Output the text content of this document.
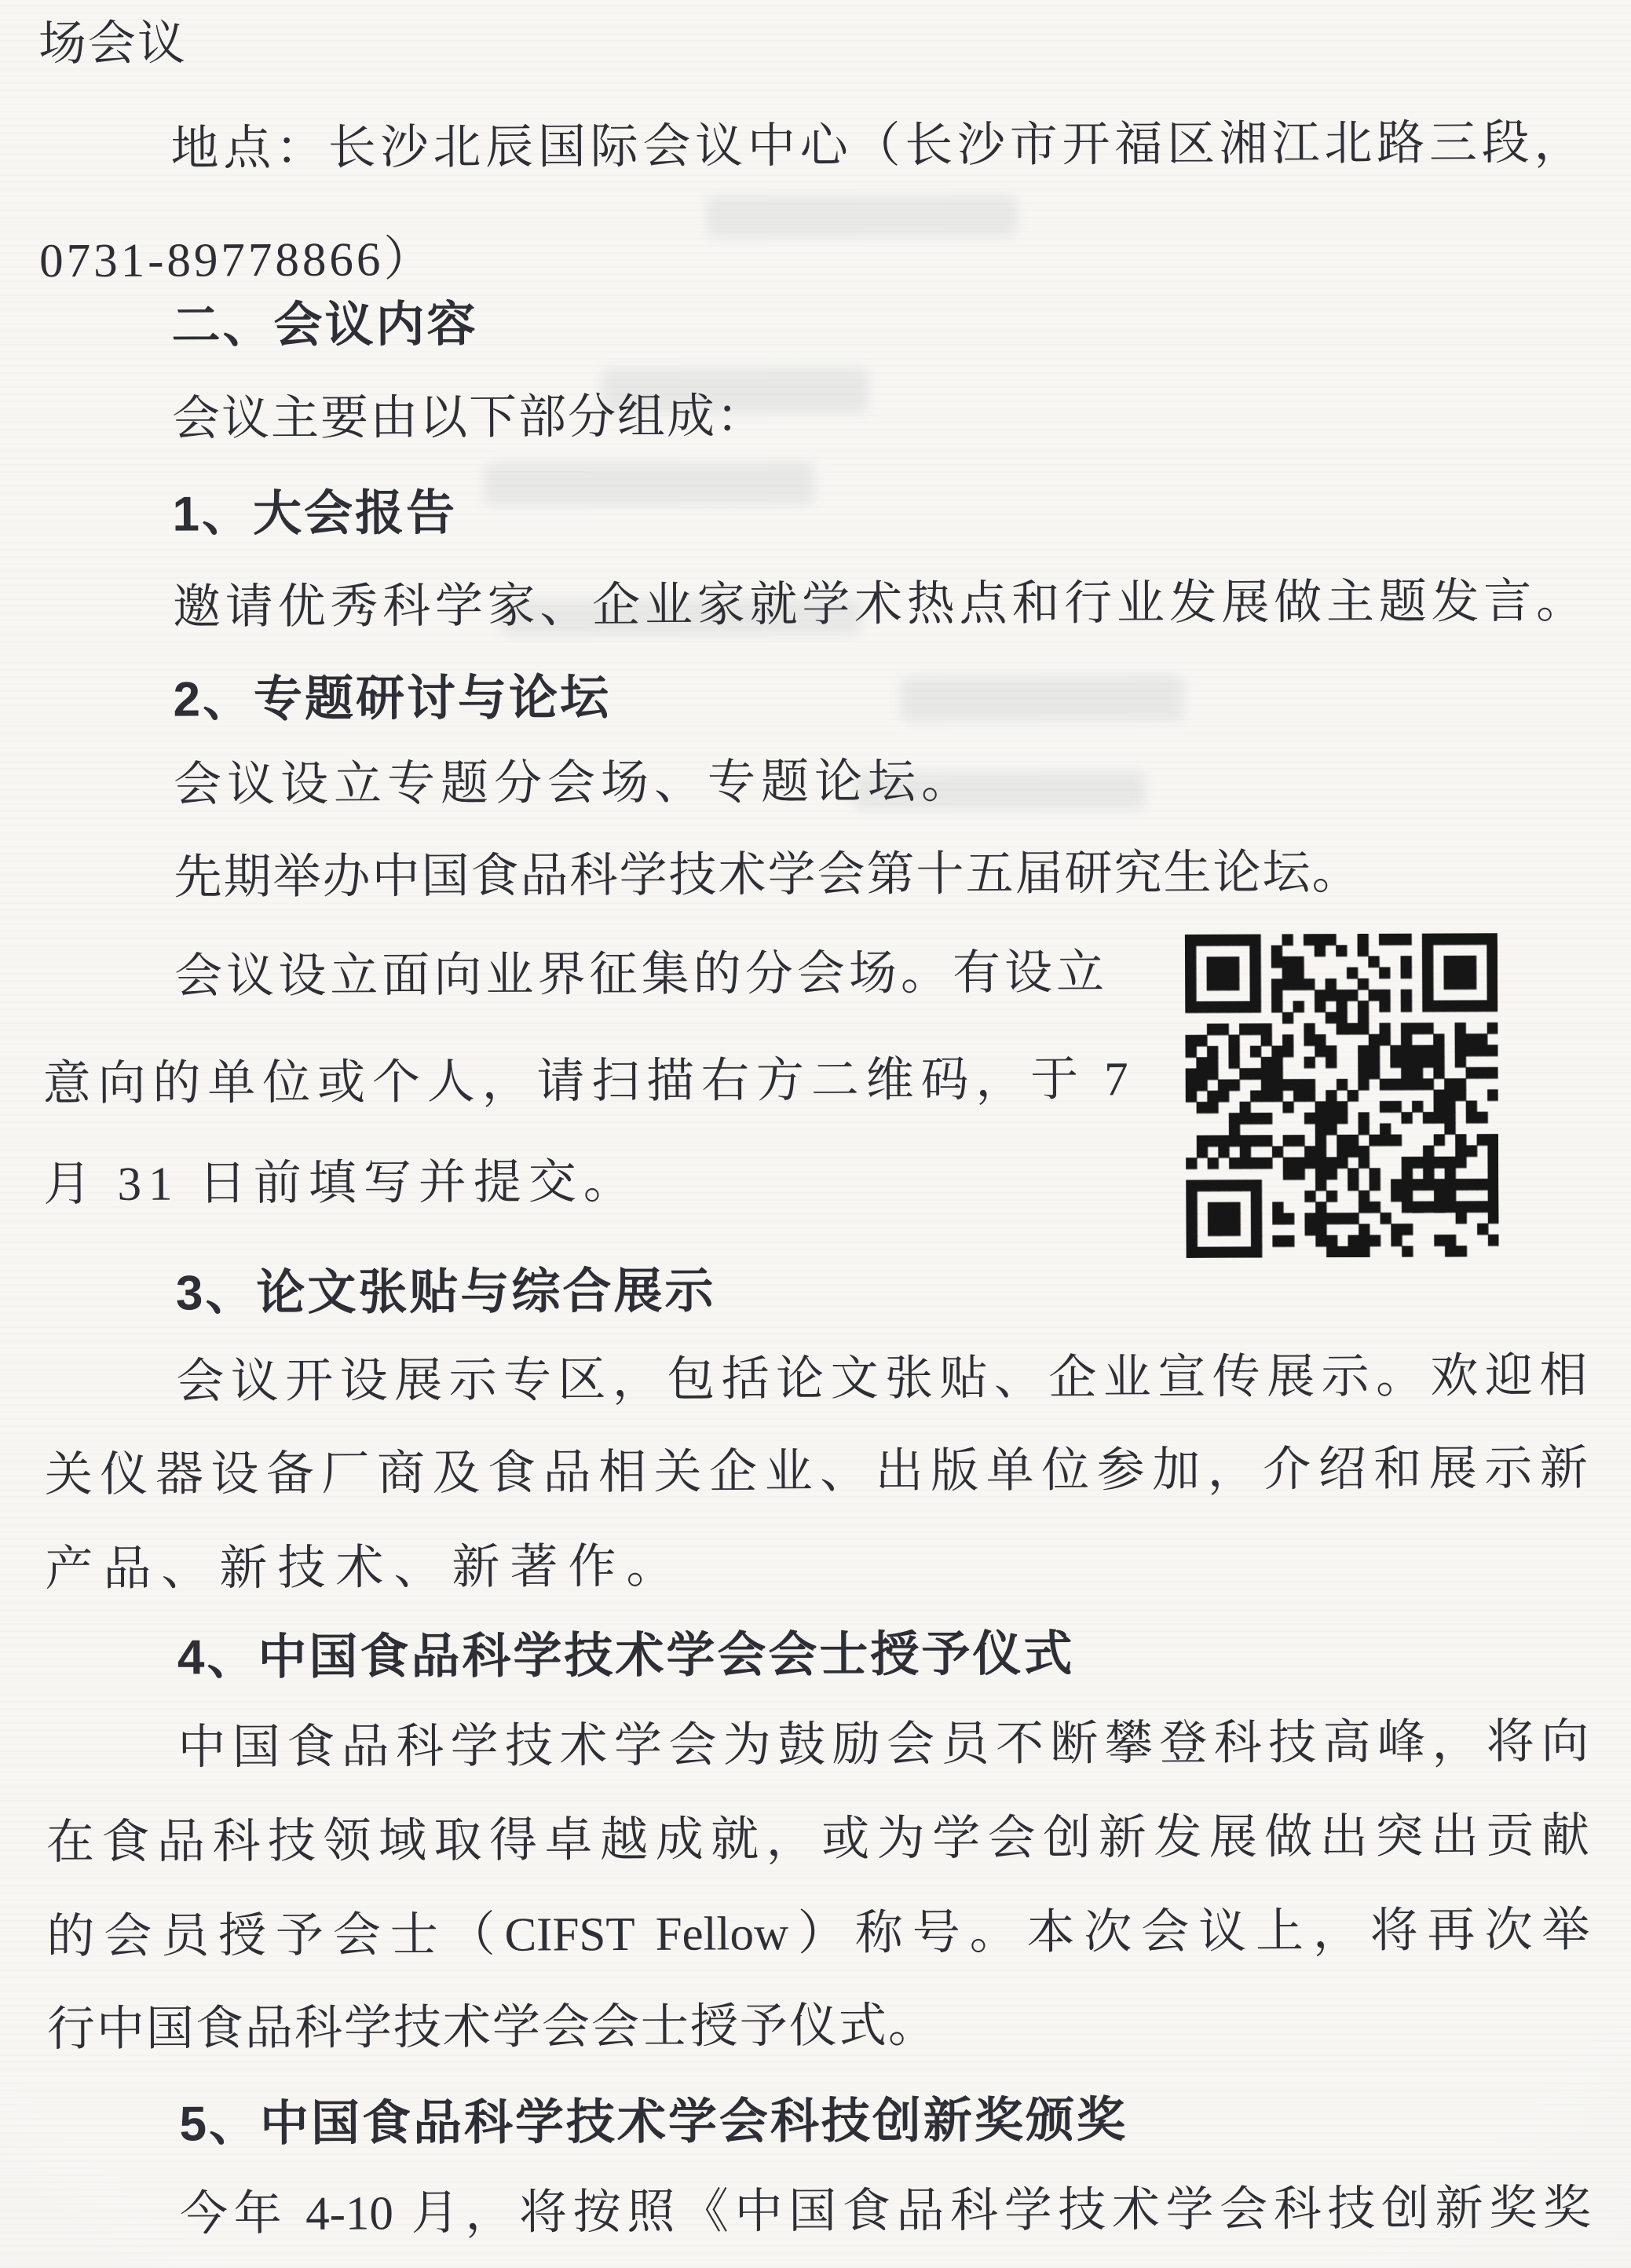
场会议
地点：长沙北辰国际会议中心（长沙市开福区湘江北路三段，
0731-89778866）
二、会议内容
会议主要由以下部分组成：
1、大会报告
邀请优秀科学家、企业家就学术热点和行业发展做主题发言。
2、专题研讨与论坛
会议设立专题分会场、专题论坛。
先期举办中国食品科学技术学会第十五届研究生论坛。
会议设立面向业界征集的分会场。有设立
意向的单位或个人，请扫描右方二维码，于 7
月 31 日前填写并提交。
3、论文张贴与综合展示
会议开设展示专区，包括论文张贴、企业宣传展示。欢迎相
关仪器设备厂商及食品相关企业、出版单位参加，介绍和展示新
产品、新技术、新著作。
4、中国食品科学技术学会会士授予仪式
中国食品科学技术学会为鼓励会员不断攀登科技高峰，将向
在食品科技领域取得卓越成就，或为学会创新发展做出突出贡献
的会员授予会士（CIFST Fellow）称号。本次会议上，将再次举
行中国食品科学技术学会会士授予仪式。
5、中国食品科学技术学会科技创新奖颁奖
今年 4-10 月，将按照《中国食品科学技术学会科技创新奖奖
